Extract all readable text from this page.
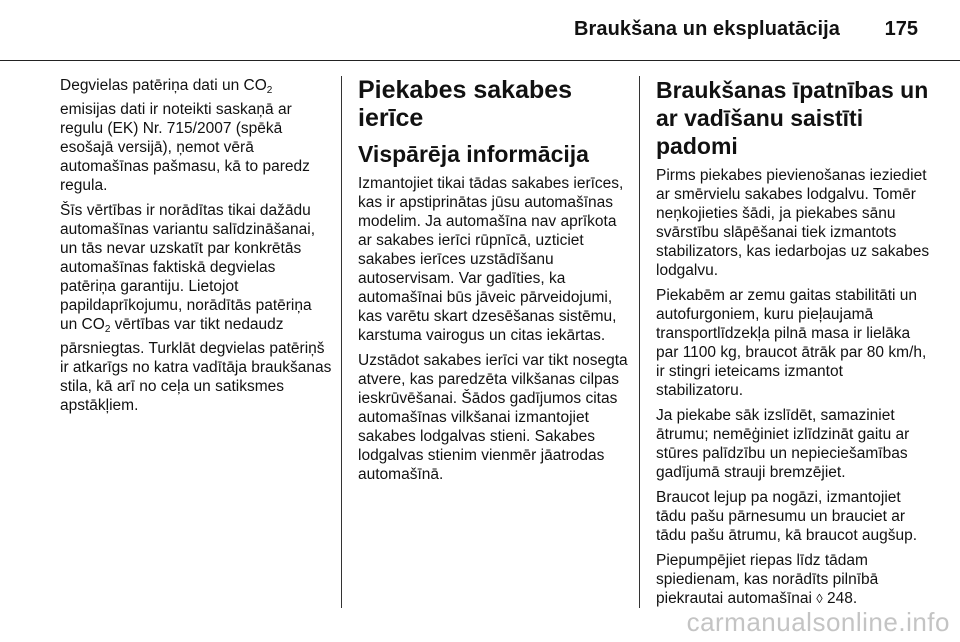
Braukšana un ekspluatācija 175

Degvielas patēriņa dati un $CO_2$
emisijas dati ir noteikti saskaņā ar regulu (EK) Nr. 715/2007 (spēkā esošajā versijā), ņemot vērā automašīnas pašmasu, kā to paredz regula.

Šīs vērtības ir norādītas tikai dažādu automašīnas variantu salīdzināšanai, un tās nevar uzskatīt par konkrētās automašīnas faktiskā degvielas patēriņa garantiju. Lietojot papildaprīkojumu, norādītās patēriņa un $CO_2$ vērtības var tikt nedaudz pārsniegtas. Turklāt degvielas patēriņš ir atkarīgs no katra vadītāja braukšanas stila, kā arī no ceļa un satiksmes apstākļiem.

Piekabes sakabes ierīce
Vispārēja informācija

Izmantojiet tikai tādas sakabes ierīces, kas ir apstiprinātas jūsu automašīnas modelim. Ja automašīna nav aprīkota ar sakabes ierīci rūpnīcā, uzticiet sakabes ierīces uzstādīšanu autoservisam. Var gadīties, ka automašīnai būs jāveic pārveidojumi, kas varētu skart dzesēšanas sistēmu, karstuma vairogus un citas iekārtas.

Uzstādot sakabes ierīci var tikt nosegta atvere, kas paredzēta vilkšanas cilpas ieskrūvēšanai. Šādos gadījumos citas automašīnas vilkšanai izmantojiet sakabes lodgalvas stieni. Sakabes lodgalvas stienim vienmēr jāatrodas automašīnā.

Braukšanas īpatnības un ar vadīšanu saistīti padomi

Pirms piekabes pievienošanas ieziediet ar smērvielu sakabes lodgalvu. Tomēr neņkojieties šādi, ja piekabes sānu svārstību slāpēšanai tiek izmantots stabilizators, kas iedarbojas uz sakabes lodgalvu.

Piekabēm ar zemu gaitas stabilitāti un autofurgoniem, kuru pieļaujamā transportlīdzekļa pilnā masa ir lielāka par 1100 kg, braucot ātrāk par 80 km/h, ir stingri ieteicams izmantot stabilizatoru.

Ja piekabe sāk izslīdēt, samaziniet ātrumu; nemēģiniet izlīdzināt gaitu ar stūres palīdzību un nepieciešamības gadījumā strauji bremzējiet.

Braucot lejup pa nogāzi, izmantojiet tādu pašu pārnesumu un brauciet ar tādu pašu ātrumu, kā braucot augšup.

Piepumpējiet riepas līdz tādam spiedienam, kas norādīts pilnībā piekrautai automašīnai ◊ 248.

carmanualsonline.info
